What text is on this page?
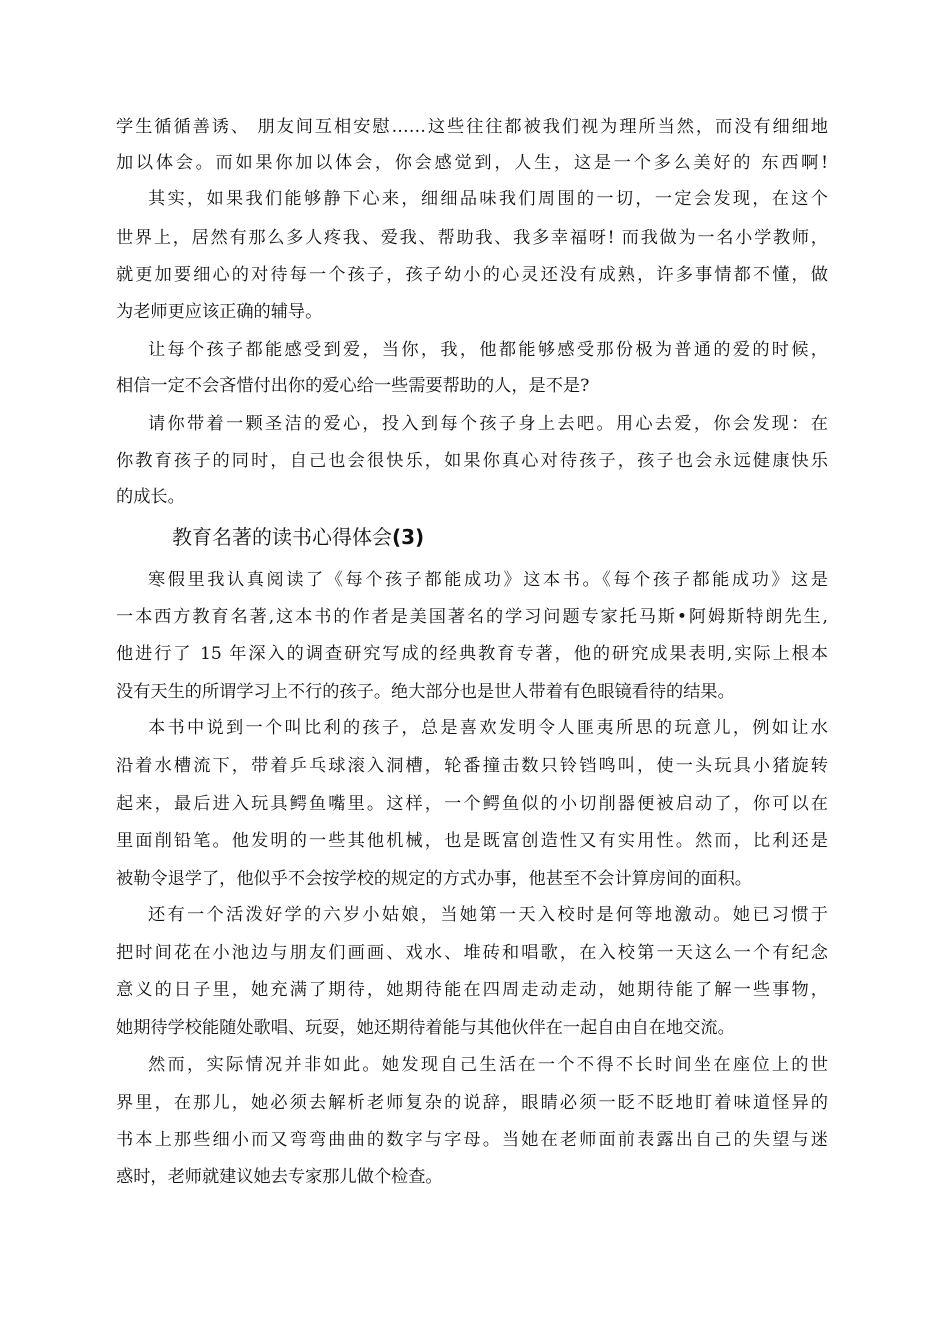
学生循循善诱、 朋友间互相安慰……这些往往都被我们视为理所当然，而没有细细地
加以体会。而如果你加以体会，你会感觉到，人生，这是一个多么美好的 东西啊!
其实，如果我们能够静下心来，细细品味我们周围的一切，一定会发现，在这个
世界上，居然有那么多人疼我、爱我、帮助我、我多幸福呀! 而我做为一名小学教师，
就更加要细心的对待每一个孩子，孩子幼小的心灵还没有成熟，许多事情都不懂，做
为老师更应该正确的辅导。
让每个孩子都能感受到爱，当你，我，他都能够感受那份极为普通的爱的时候，
相信一定不会吝惜付出你的爱心给一些需要帮助的人，是不是?
请你带着一颗圣洁的爱心，投入到每个孩子身上去吧。用心去爱，你会发现：在
你教育孩子的同时，自己也会很快乐，如果你真心对待孩子，孩子也会永远健康快乐
的成长。
教育名著的读书心得体会(3)
寒假里我认真阅读了《每个孩子都能成功》这本书。《每个孩子都能成功》这是
一本西方教育名著,这本书的作者是美国著名的学习问题专家托马斯•阿姆斯特朗先生,
他进行了 15 年深入的调查研究写成的经典教育专著，他的研究成果表明,实际上根本
没有天生的所谓学习上不行的孩子。绝大部分也是世人带着有色眼镜看待的结果。
本书中说到一个叫比利的孩子，总是喜欢发明令人匪夷所思的玩意儿，例如让水
沿着水槽流下，带着乒乓球滚入洞槽，轮番撞击数只铃铛鸣叫，使一头玩具小猪旋转
起来，最后进入玩具鳄鱼嘴里。这样，一个鳄鱼似的小切削器便被启动了，你可以在
里面削铅笔。他发明的一些其他机械，也是既富创造性又有实用性。然而，比利还是
被勒令退学了，他似乎不会按学校的规定的方式办事，他甚至不会计算房间的面积。
还有一个活泼好学的六岁小姑娘，当她第一天入校时是何等地激动。她已习惯于
把时间花在小池边与朋友们画画、戏水、堆砖和唱歌，在入校第一天这么一个有纪念
意义的日子里，她充满了期待，她期待能在四周走动走动，她期待能了解一些事物，
她期待学校能随处歌唱、玩耍，她还期待着能与其他伙伴在一起自由自在地交流。
然而，实际情况并非如此。她发现自己生活在一个不得不长时间坐在座位上的世
界里，在那儿，她必须去解析老师复杂的说辞，眼睛必须一眨不眨地盯着味道怪异的
书本上那些细小而又弯弯曲曲的数字与字母。当她在老师面前表露出自己的失望与迷
惑时，老师就建议她去专家那儿做个检查。
